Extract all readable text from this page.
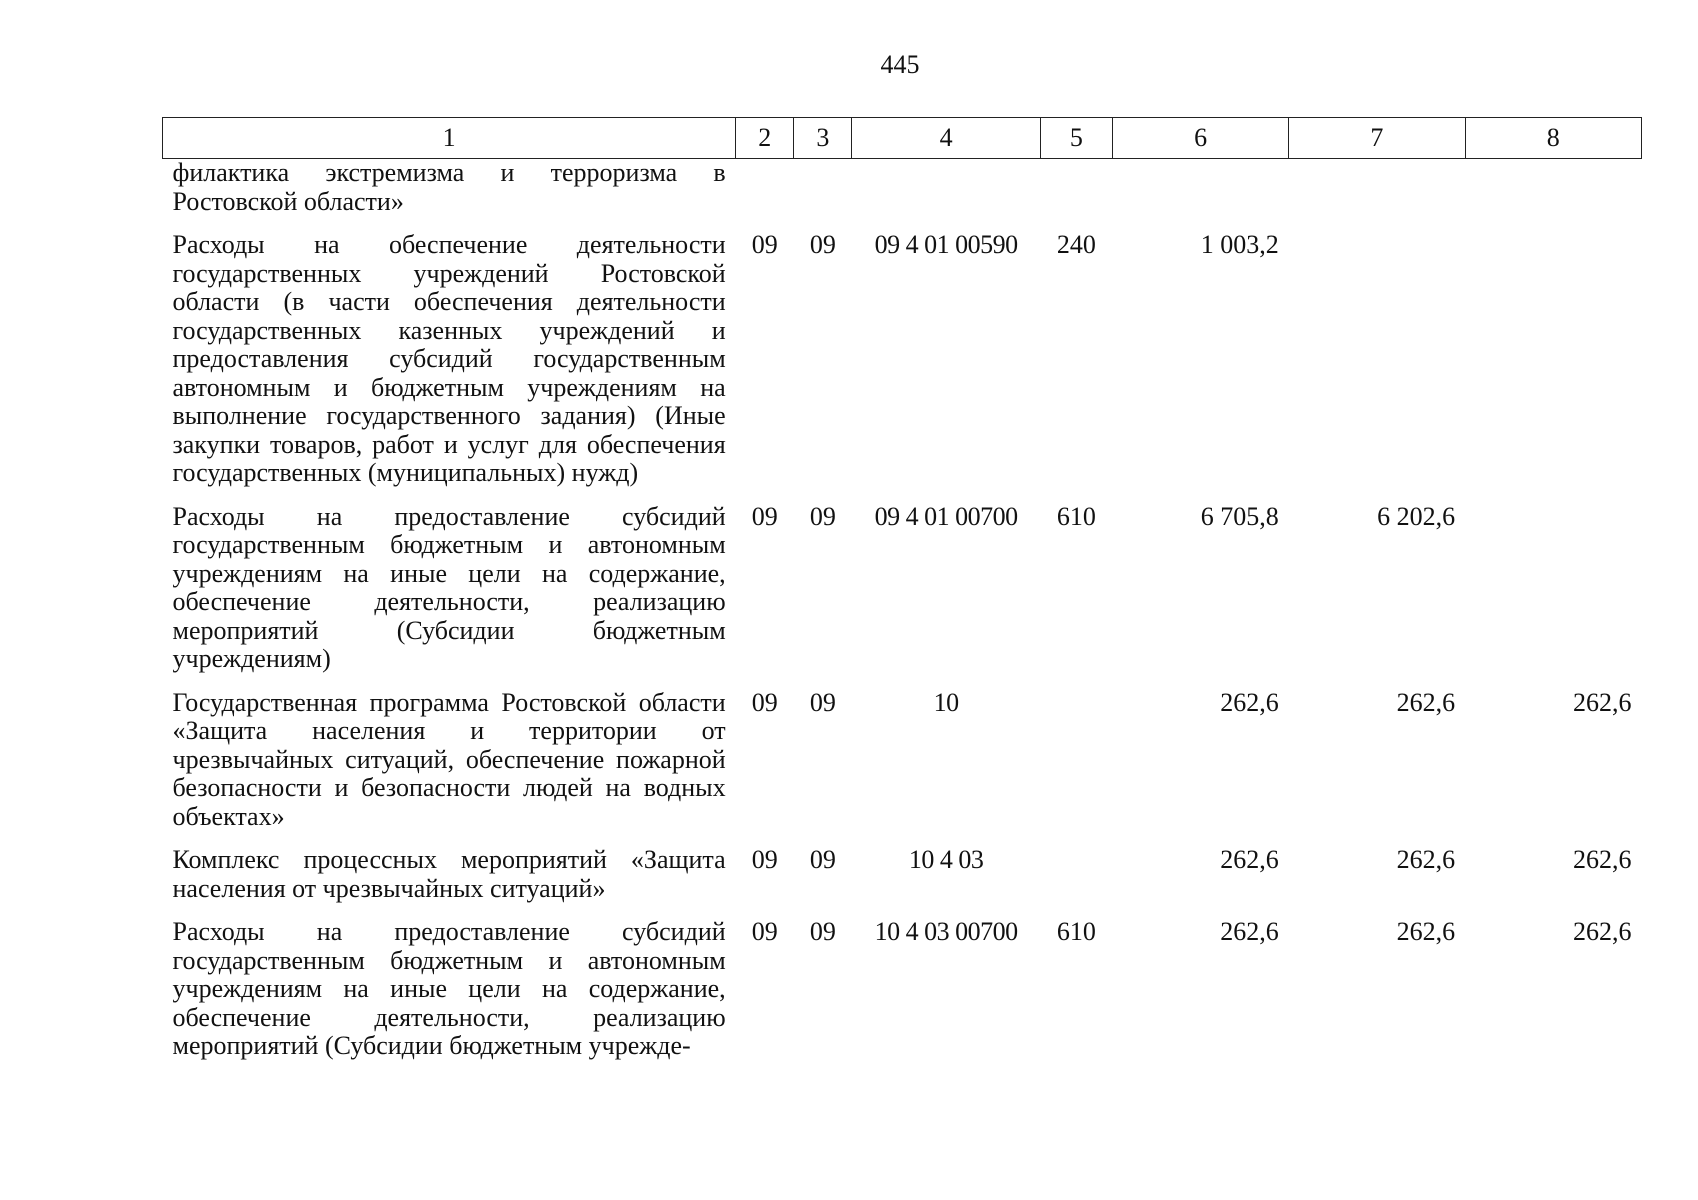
445
1	2	3	4	5	6	7	8
филактика экстремизма и терроризма в Ростовской области»							
Расходы на обеспечение деятельности государственных учреждений Ростовской области (в части обеспечения деятельности государственных казенных учреждений и предоставления субсидий государственным автономным и бюджетным учреждениям на выполнение государственного задания) (Иные закупки товаров, работ и услуг для обеспечения государственных (муниципальных) нужд)	09	09	09 4 01 00590	240	1 003,2		
Расходы на предоставление субсидий государственным бюджетным и автономным учреждениям на иные цели на содержание, обеспечение деятельности, реализацию мероприятий (Субсидии бюджетным учреждениям)	09	09	09 4 01 00700	610	6 705,8	6 202,6	
Государственная программа Ростовской области «Защита населения и территории от чрезвычайных ситуаций, обеспечение пожарной безопасности и безопасности людей на водных объектах»	09	09	10		262,6	262,6	262,6
Комплекс процессных мероприятий «Защита населения от чрезвычайных ситуаций»	09	09	10 4 03		262,6	262,6	262,6
Расходы на предоставление субсидий государственным бюджетным и автономным учреждениям на иные цели на содержание, обеспечение деятельности, реализацию мероприятий (Субсидии бюджетным учрежде-	09	09	10 4 03 00700	610	262,6	262,6	262,6
